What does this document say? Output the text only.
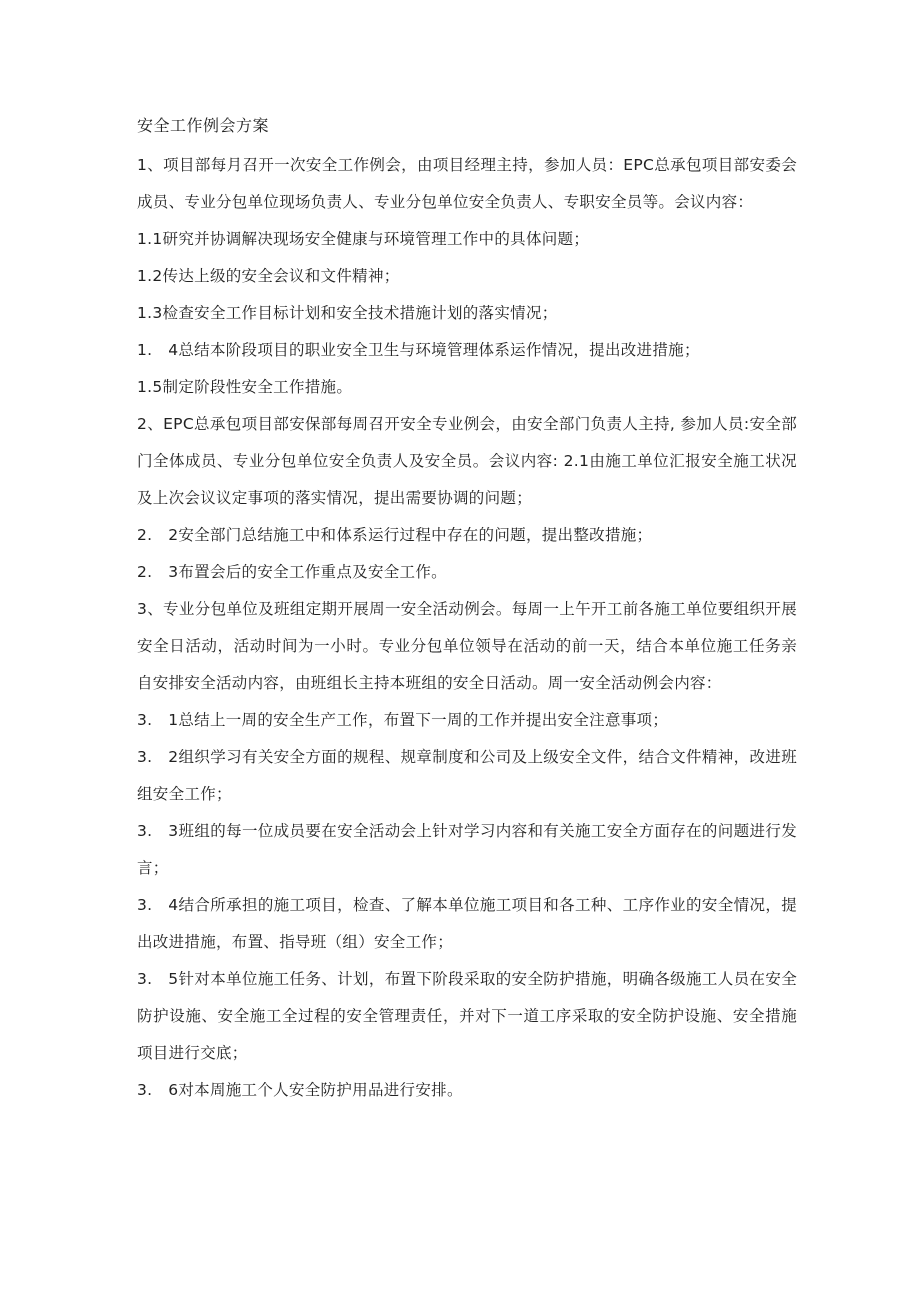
安全工作例会方案

1、项目部每月召开一次安全工作例会，由项目经理主持，参加人员：EPC总承包项目部安委会成员、专业分包单位现场负责人、专业分包单位安全负责人、专职安全员等。会议内容：

1.1研究并协调解决现场安全健康与环境管理工作中的具体问题；

1.2传达上级的安全会议和文件精神；

1.3检查安全工作目标计划和安全技术措施计划的落实情况；

1.　4总结本阶段项目的职业安全卫生与环境管理体系运作情况，提出改进措施；

1.5制定阶段性安全工作措施。

2、EPC总承包项目部安保部每周召开安全专业例会，由安全部门负责人主持, 参加人员:安全部门全体成员、专业分包单位安全负责人及安全员。会议内容: 2.1由施工单位汇报安全施工状况及上次会议议定事项的落实情况，提出需要协调的问题；

2.　2安全部门总结施工中和体系运行过程中存在的问题，提出整改措施；

2.　3布置会后的安全工作重点及安全工作。

3、专业分包单位及班组定期开展周一安全活动例会。每周一上午开工前各施工单位要组织开展安全日活动，活动时间为一小时。专业分包单位领导在活动的前一天，结合本单位施工任务亲自安排安全活动内容，由班组长主持本班组的安全日活动。周一安全活动例会内容：

3.　1总结上一周的安全生产工作，布置下一周的工作并提出安全注意事项；

3.　2组织学习有关安全方面的规程、规章制度和公司及上级安全文件，结合文件精神，改进班组安全工作；

3.　3班组的每一位成员要在安全活动会上针对学习内容和有关施工安全方面存在的问题进行发言；

3.　4结合所承担的施工项目，检查、了解本单位施工项目和各工种、工序作业的安全情况，提出改进措施，布置、指导班（组）安全工作；

3.　5针对本单位施工任务、计划，布置下阶段采取的安全防护措施，明确各级施工人员在安全防护设施、安全施工全过程的安全管理责任，并对下一道工序采取的安全防护设施、安全措施项目进行交底；

3.　6对本周施工个人安全防护用品进行安排。
